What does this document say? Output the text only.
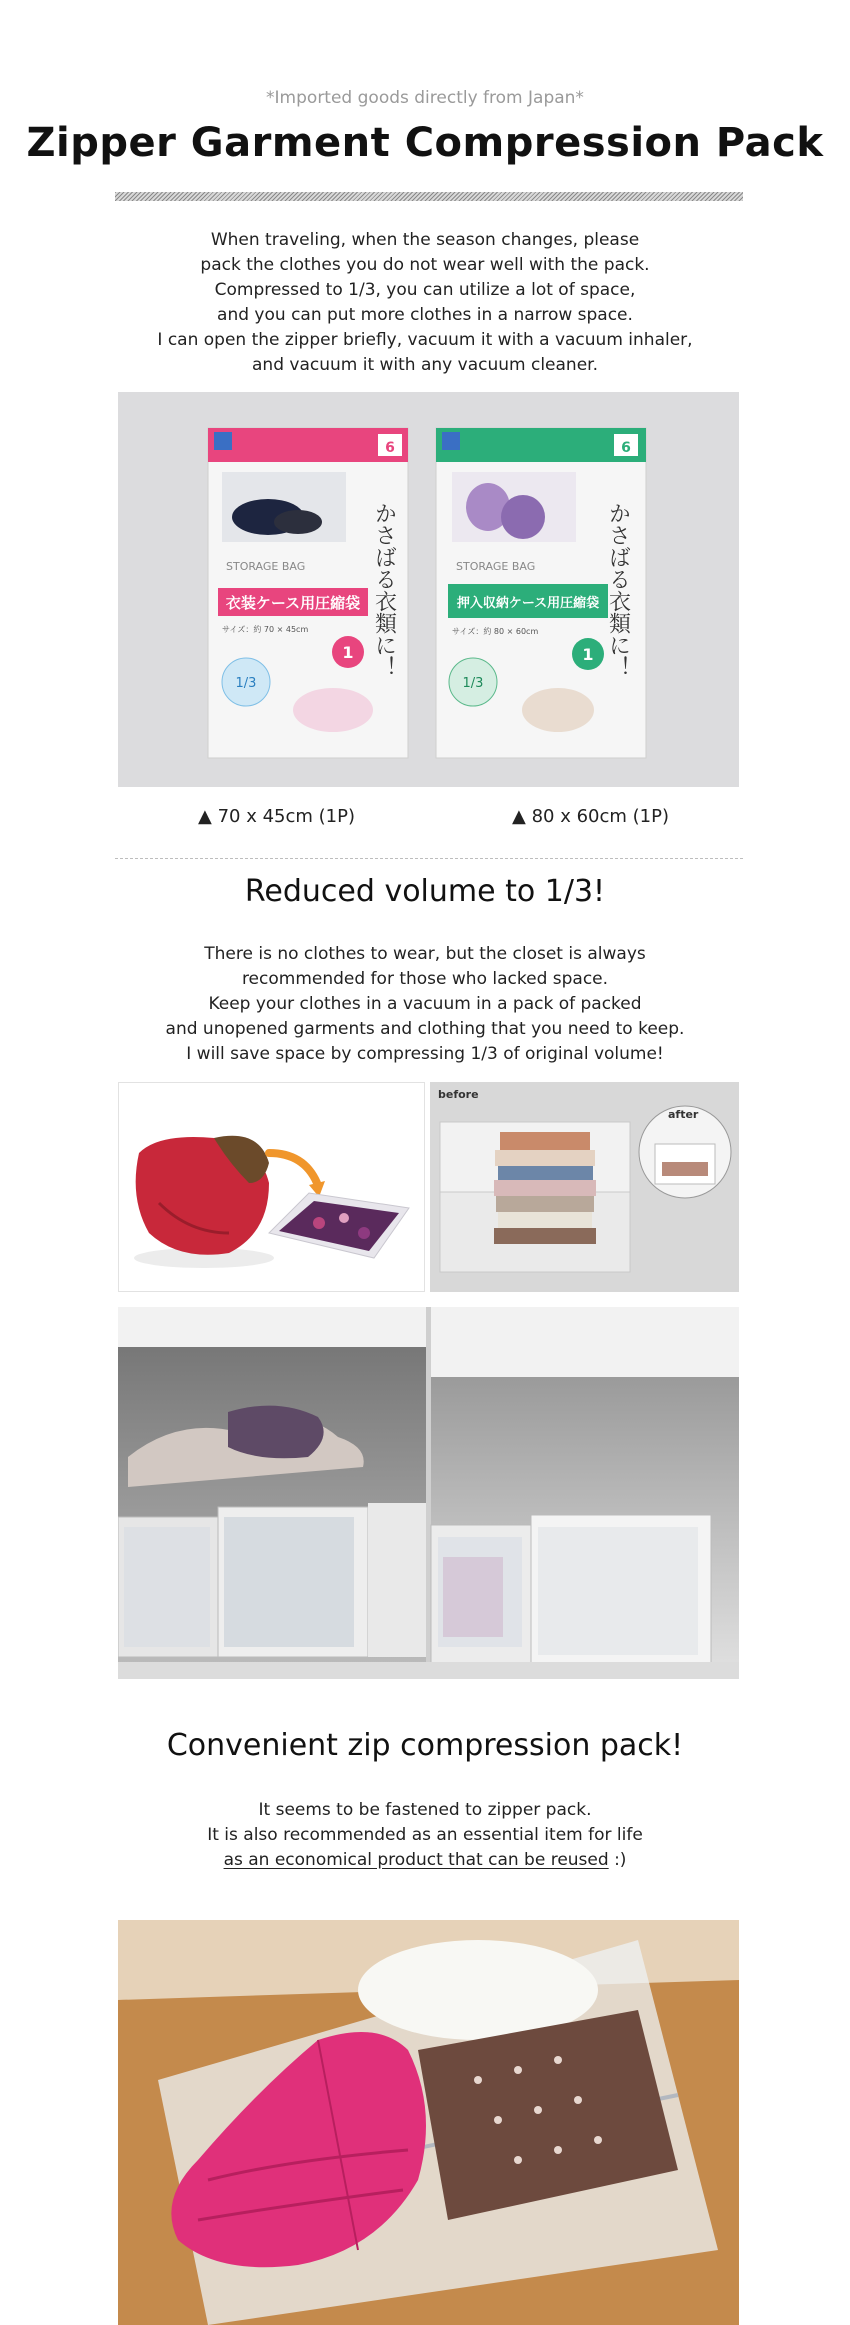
*Imported goods directly from Japan*
Zipper Garment Compression Pack
When traveling, when the season changes, please
pack the clothes you do not wear well with the pack.
Compressed to 1/3, you can utilize a lot of space,
and you can put more clothes in a narrow space.
I can open the zipper briefly, vacuum it with a vacuum inhaler,
and vacuum it with any vacuum cleaner.
6
STORAGE BAG
衣装ケース用圧縮袋
サイズ：約 70 × 45cm
1
1/3
かさばる衣類に！
6
STORAGE BAG
押入収納ケース用圧縮袋
サイズ：約 80 × 60cm
1
1/3
かさばる衣類に！
▲ 70 x 45cm (1P)	▲ 80 x 60cm (1P)
Reduced volume to 1/3!
There is no clothes to wear, but the closet is always
recommended for those who lacked space.
Keep your clothes in a vacuum in a pack of packed
and unopened garments and clothing that you need to keep.
I will save space by compressing 1/3 of original volume!
before
after
Convenient zip compression pack!
It seems to be fastened to zipper pack.
It is also recommended as an essential item for life
as an economical product that can be reused :)
